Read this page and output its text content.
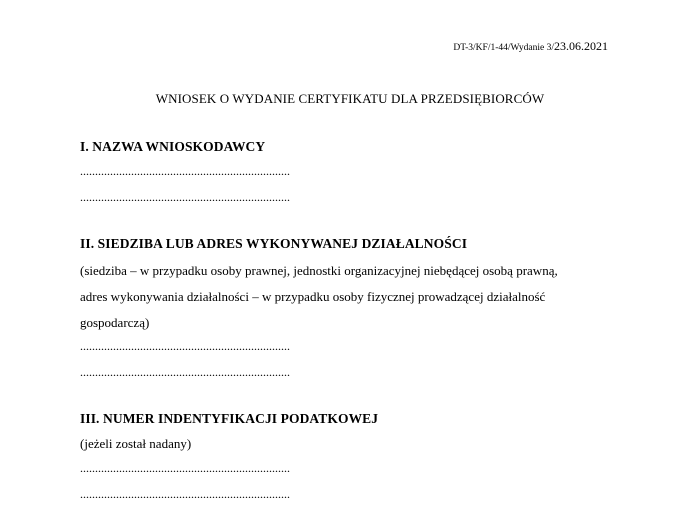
DT-3/KF/1-44/Wydanie 3/23.06.2021
WNIOSEK O WYDANIE CERTYFIKATU DLA PRZEDSIĘBIORCÓW
I. NAZWA WNIOSKODAWCY
......................................................................
......................................................................
II. SIEDZIBA LUB ADRES WYKONYWANEJ DZIAŁALNOŚCI
(siedziba – w przypadku osoby prawnej, jednostki organizacyjnej niebędącej osobą prawną,
adres wykonywania działalności – w przypadku osoby fizycznej prowadzącej działalność
gospodarczą)
......................................................................
......................................................................
III. NUMER INDENTYFIKACJI PODATKOWEJ
(jeżeli został nadany)
......................................................................
......................................................................
